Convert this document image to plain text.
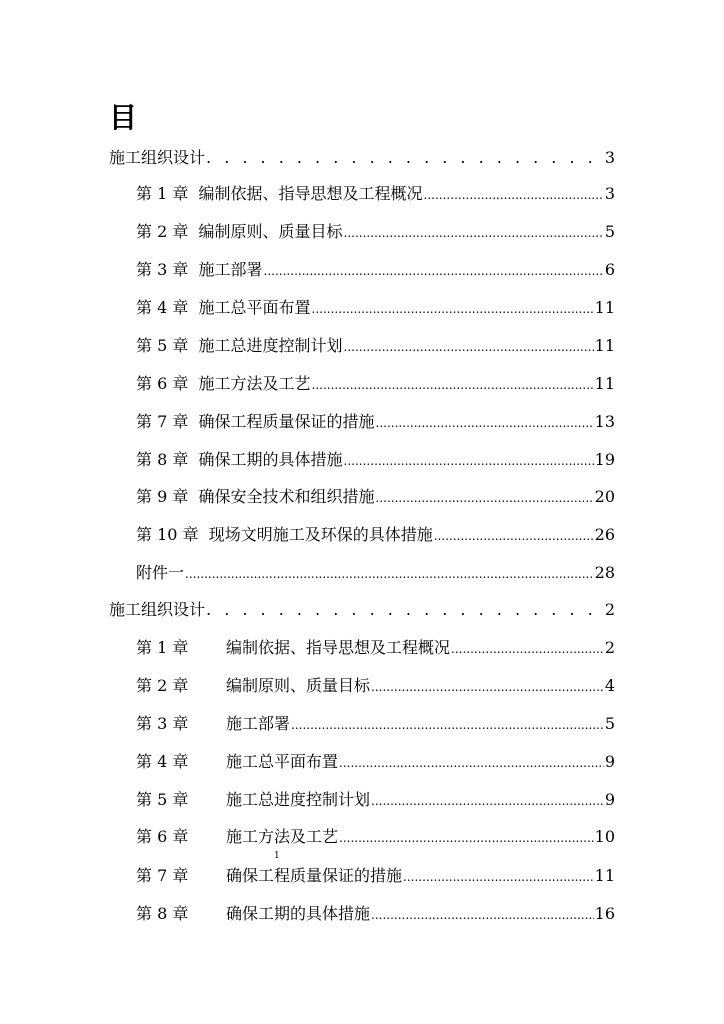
目
施工组织设计 . . .	3
第 1 章 编制依据、指导思想及工程概况 .....	3
第 2 章 编制原则、质量目标 .....	5
第 3 章 施工部署 .....	6
第 4 章 施工总平面布置 .....	11
第 5 章 施工总进度控制计划 .....	11
第 6 章 施工方法及工艺 .....	11
第 7 章 确保工程质量保证的措施 .....	13
第 8 章 确保工期的具体措施 .....	19
第 9 章 确保安全技术和组织措施 .....	20
第 10 章 现场文明施工及环保的具体措施 .....	26
附件一 .....	28
施工组织设计 . . .	2
第 1 章 编制依据、指导思想及工程概况 .....	2
第 2 章 编制原则、质量目标 .....	4
第 3 章 施工部署 .....	5
第 4 章 施工总平面布置 .....	9
第 5 章 施工总进度控制计划 .....	9
第 6 章 施工方法及工艺 .....	10
1
第 7 章 确保工程质量保证的措施 .....	11
第 8 章 确保工期的具体措施 .....	16
